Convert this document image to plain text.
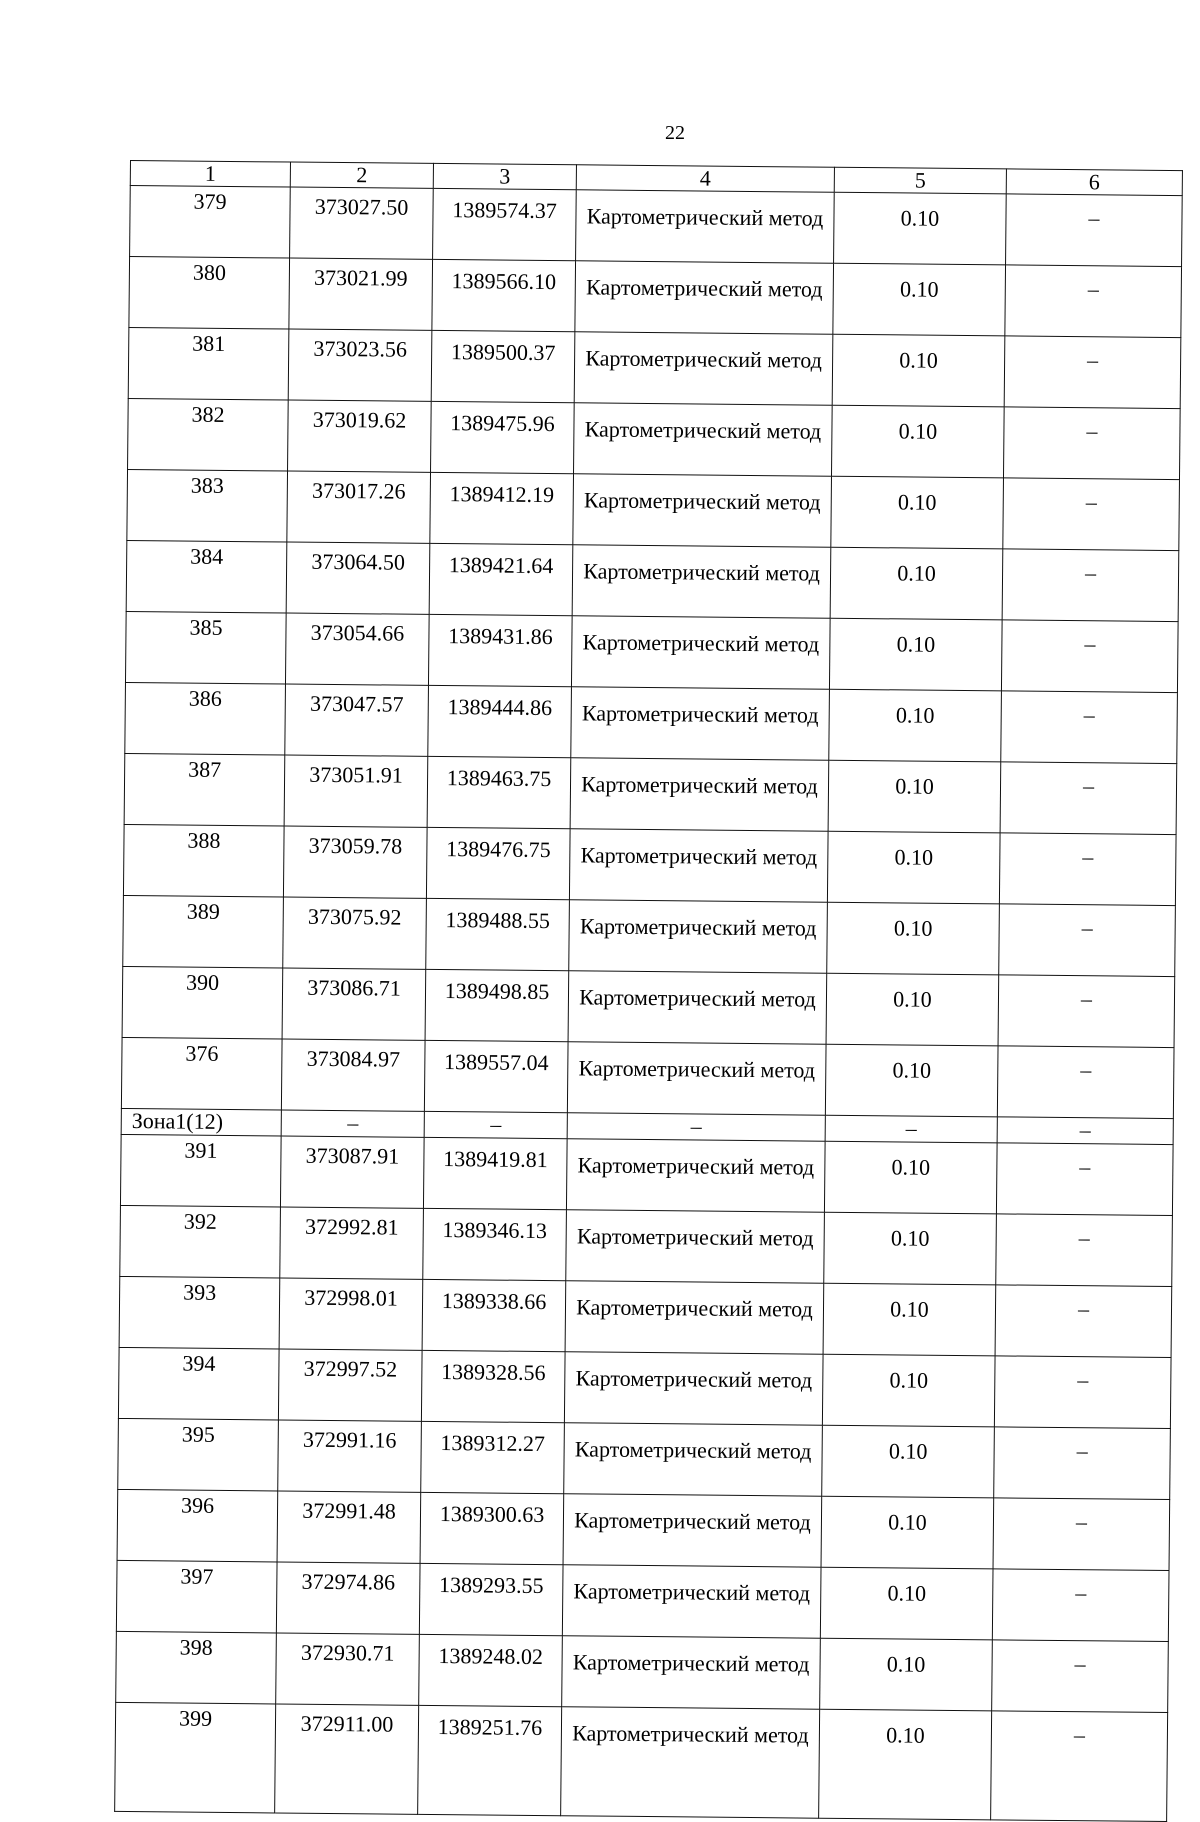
22
1	2	3	4	5	6
379	373027.50	1389574.37	Картометрический метод	0.10	–
380	373021.99	1389566.10	Картометрический метод	0.10	–
381	373023.56	1389500.37	Картометрический метод	0.10	–
382	373019.62	1389475.96	Картометрический метод	0.10	–
383	373017.26	1389412.19	Картометрический метод	0.10	–
384	373064.50	1389421.64	Картометрический метод	0.10	–
385	373054.66	1389431.86	Картометрический метод	0.10	–
386	373047.57	1389444.86	Картометрический метод	0.10	–
387	373051.91	1389463.75	Картометрический метод	0.10	–
388	373059.78	1389476.75	Картометрический метод	0.10	–
389	373075.92	1389488.55	Картометрический метод	0.10	–
390	373086.71	1389498.85	Картометрический метод	0.10	–
376	373084.97	1389557.04	Картометрический метод	0.10	–
Зона1(12)	–	–	–	–	–
391	373087.91	1389419.81	Картометрический метод	0.10	–
392	372992.81	1389346.13	Картометрический метод	0.10	–
393	372998.01	1389338.66	Картометрический метод	0.10	–
394	372997.52	1389328.56	Картометрический метод	0.10	–
395	372991.16	1389312.27	Картометрический метод	0.10	–
396	372991.48	1389300.63	Картометрический метод	0.10	–
397	372974.86	1389293.55	Картометрический метод	0.10	–
398	372930.71	1389248.02	Картометрический метод	0.10	–
399	372911.00	1389251.76	Картометрический метод	0.10	–
